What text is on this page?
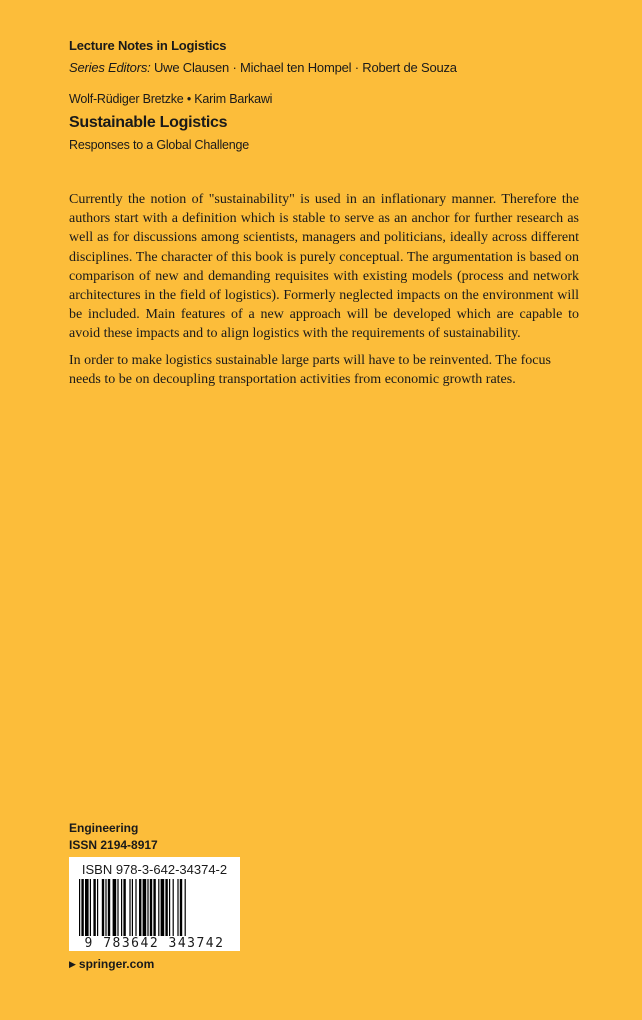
Lecture Notes in Logistics
Series Editors: Uwe Clausen · Michael ten Hompel · Robert de Souza
Wolf-Rüdiger Bretzke • Karim Barkawi
Sustainable Logistics
Responses to a Global Challenge

Currently the notion of "sustainability" is used in an inflationary manner. Therefore the authors start with a definition which is stable to serve as an anchor for further research as well as for discussions among scientists, managers and politicians, ideally across different disciplines. The character of this book is purely conceptual. The argumentation is based on comparison of new and demanding requisites with existing models (process and network architectures in the field of logistics). Formerly neglected impacts on the environment will be included. Main features of a new approach will be developed which are capable to avoid these impacts and to align logistics with the requirements of sustainability.

In order to make logistics sustainable large parts will have to be reinvented. The focus needs to be on decoupling transportation activities from economic growth rates.

Engineering
ISSN 2194-8917
ISBN 978-3-642-34374-2
9 783642 343742
▶ springer.com
